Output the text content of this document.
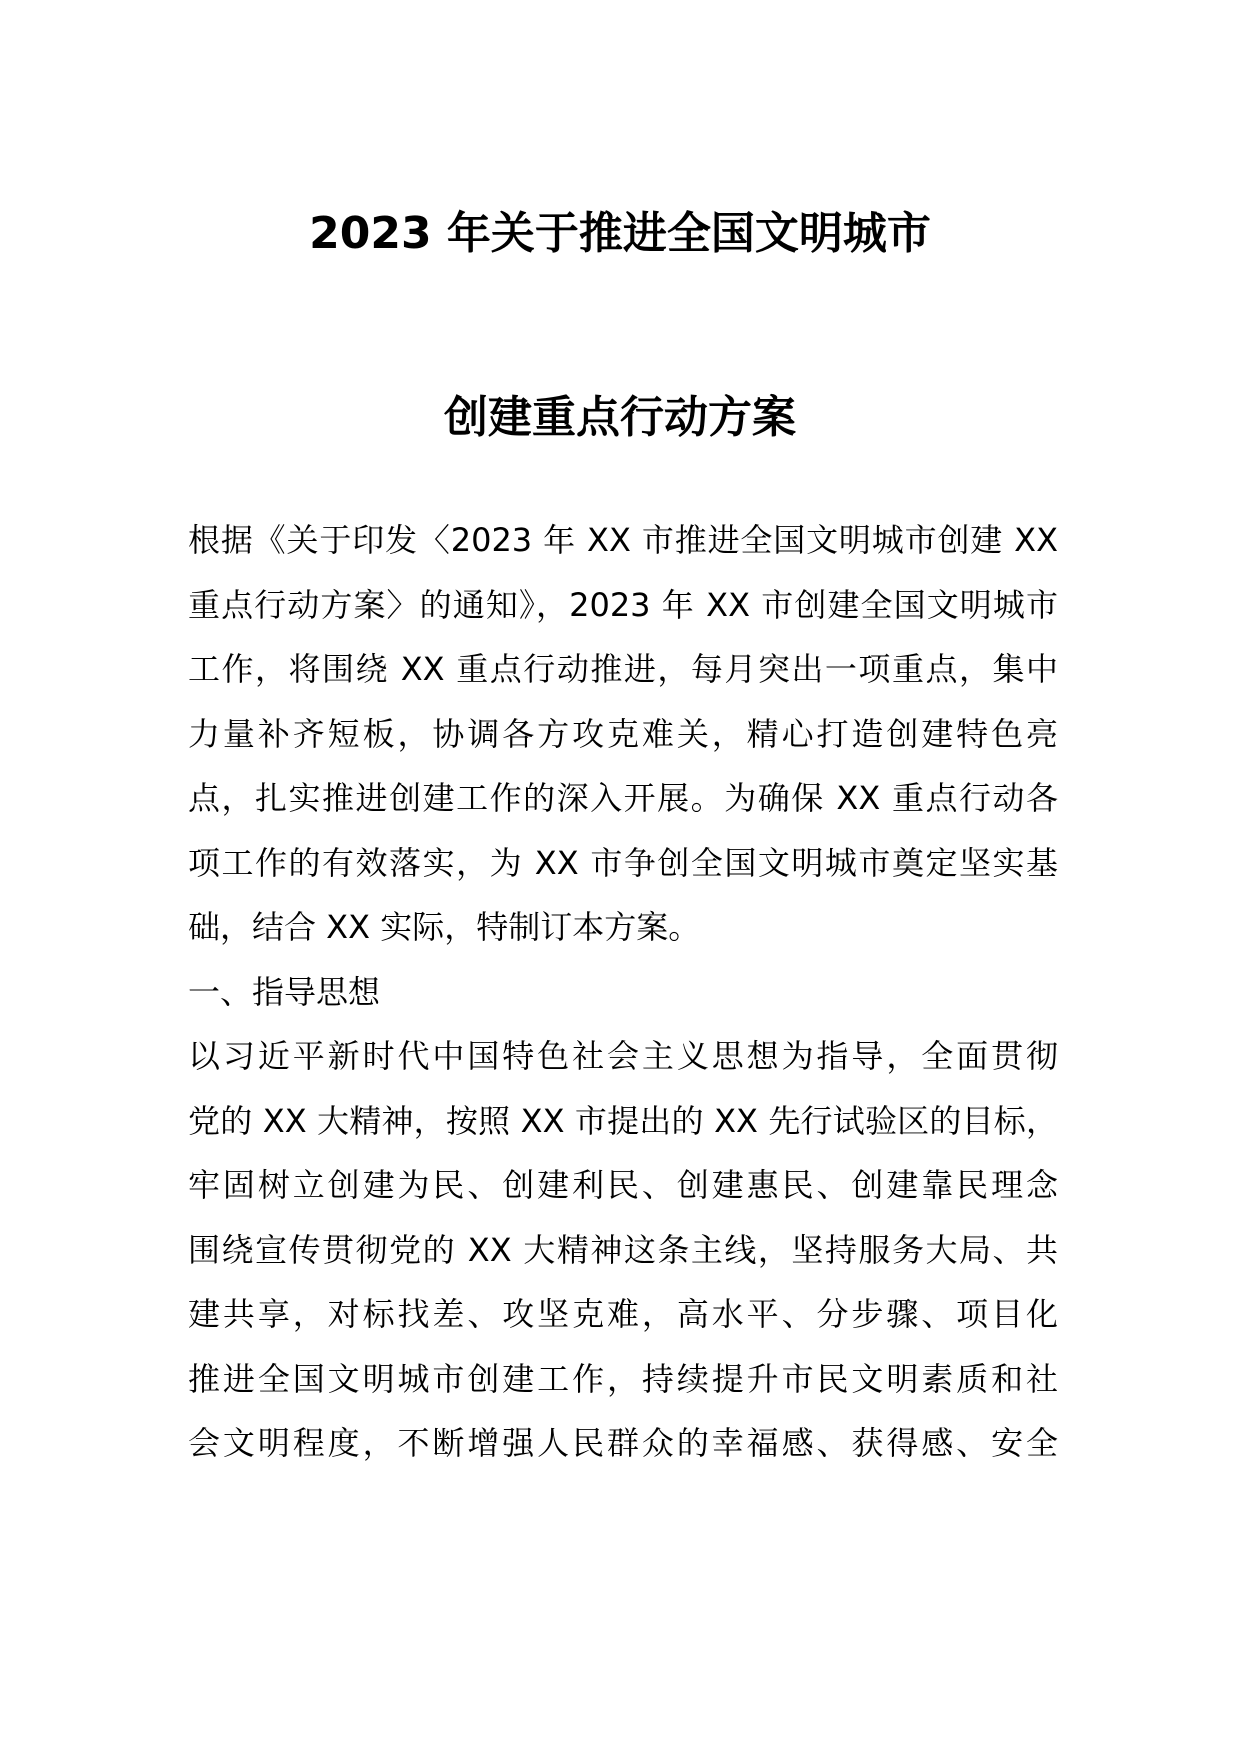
2023 年关于推进全国文明城市
创建重点行动方案
根据《关于印发〈2023 年 XX 市推进全国文明城市创建 XX
重点行动方案〉的通知》，2023 年 XX 市创建全国文明城市
工作，将围绕 XX 重点行动推进，每月突出一项重点，集中
力量补齐短板，协调各方攻克难关，精心打造创建特色亮
点，扎实推进创建工作的深入开展。为确保 XX 重点行动各
项工作的有效落实，为 XX 市争创全国文明城市奠定坚实基
础，结合 XX 实际，特制订本方案。
一、指导思想
以习近平新时代中国特色社会主义思想为指导，全面贯彻
党的 XX 大精神，按照 XX 市提出的 XX 先行试验区的目标，
牢固树立创建为民、创建利民、创建惠民、创建靠民理念
围绕宣传贯彻党的 XX 大精神这条主线，坚持服务大局、共
建共享，对标找差、攻坚克难，高水平、分步骤、项目化
推进全国文明城市创建工作，持续提升市民文明素质和社
会文明程度，不断增强人民群众的幸福感、获得感、安全
